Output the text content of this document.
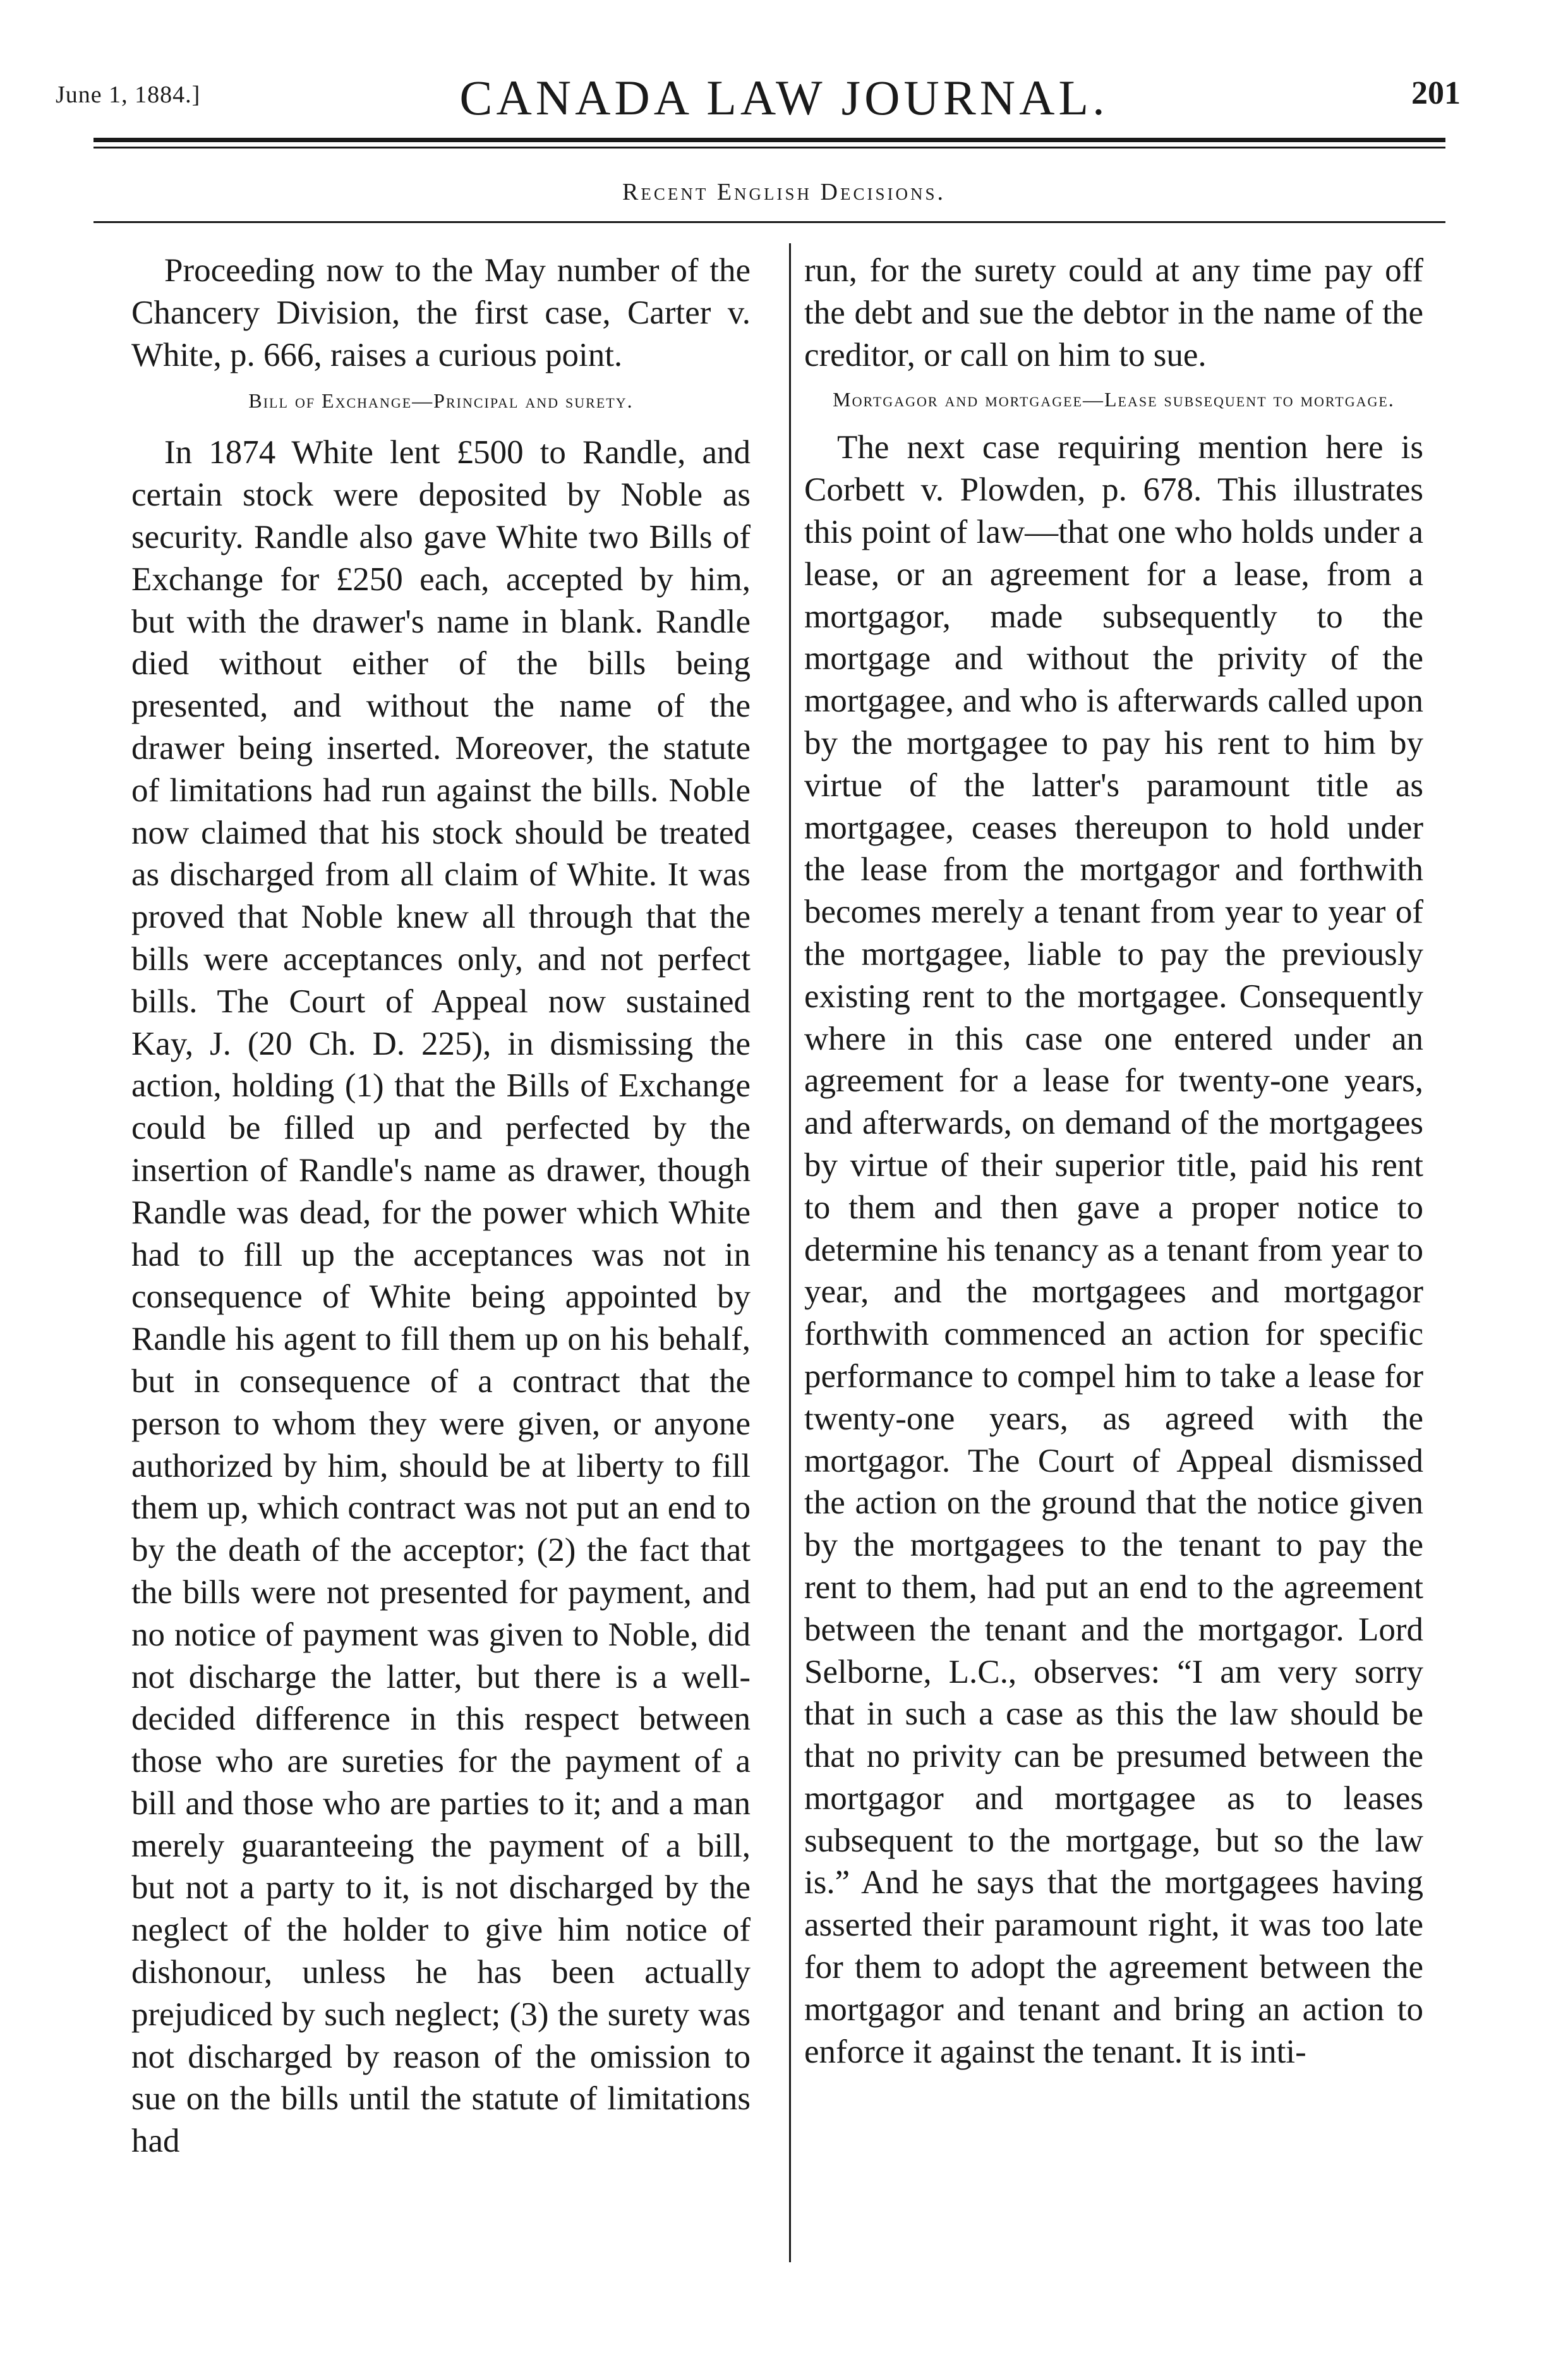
June 1, 1884.]	CANADA LAW JOURNAL.	201
Recent English Decisions.

Proceeding now to the May number of the Chancery Division, the first case, Carter v. White, p. 666, raises a curious point.

Bill of Exchange—Principal and surety.

In 1874 White lent £500 to Randle, and certain stock were deposited by Noble as security. Randle also gave White two Bills of Exchange for £250 each, accepted by him, but with the drawer's name in blank. Randle died without either of the bills being presented, and without the name of the drawer being inserted. Moreover, the statute of limitations had run against the bills. Noble now claimed that his stock should be treated as discharged from all claim of White. It was proved that Noble knew all through that the bills were acceptances only, and not perfect bills. The Court of Appeal now sustained Kay, J. (20 Ch. D. 225), in dismissing the action, holding (1) that the Bills of Exchange could be filled up and perfected by the insertion of Randle's name as drawer, though Randle was dead, for the power which White had to fill up the acceptances was not in consequence of White being appointed by Randle his agent to fill them up on his behalf, but in consequence of a contract that the person to whom they were given, or anyone authorized by him, should be at liberty to fill them up, which contract was not put an end to by the death of the acceptor; (2) the fact that the bills were not presented for payment, and no notice of payment was given to Noble, did not discharge the latter, but there is a well-decided difference in this respect between those who are sureties for the payment of a bill and those who are parties to it; and a man merely guaranteeing the payment of a bill, but not a party to it, is not discharged by the neglect of the holder to give him notice of dishonour, unless he has been actually prejudiced by such neglect; (3) the surety was not discharged by reason of the omission to sue on the bills until the statute of limitations had

run, for the surety could at any time pay off the debt and sue the debtor in the name of the creditor, or call on him to sue.

Mortgagor and mortgagee—Lease subsequent to mortgage.

The next case requiring mention here is Corbett v. Plowden, p. 678. This illustrates this point of law—that one who holds under a lease, or an agreement for a lease, from a mortgagor, made subsequently to the mortgage and without the privity of the mortgagee, and who is afterwards called upon by the mortgagee to pay his rent to him by virtue of the latter's paramount title as mortgagee, ceases thereupon to hold under the lease from the mortgagor and forthwith becomes merely a tenant from year to year of the mortgagee, liable to pay the previously existing rent to the mortgagee. Consequently where in this case one entered under an agreement for a lease for twenty-one years, and afterwards, on demand of the mortgagees by virtue of their superior title, paid his rent to them and then gave a proper notice to determine his tenancy as a tenant from year to year, and the mortgagees and mortgagor forthwith commenced an action for specific performance to compel him to take a lease for twenty-one years, as agreed with the mortgagor. The Court of Appeal dismissed the action on the ground that the notice given by the mortgagees to the tenant to pay the rent to them, had put an end to the agreement between the tenant and the mortgagor. Lord Selborne, L.C., observes: “I am very sorry that in such a case as this the law should be that no privity can be presumed between the mortgagor and mortgagee as to leases subsequent to the mortgage, but so the law is.” And he says that the mortgagees having asserted their paramount right, it was too late for them to adopt the agreement between the mortgagor and tenant and bring an action to enforce it against the tenant. It is inti-
